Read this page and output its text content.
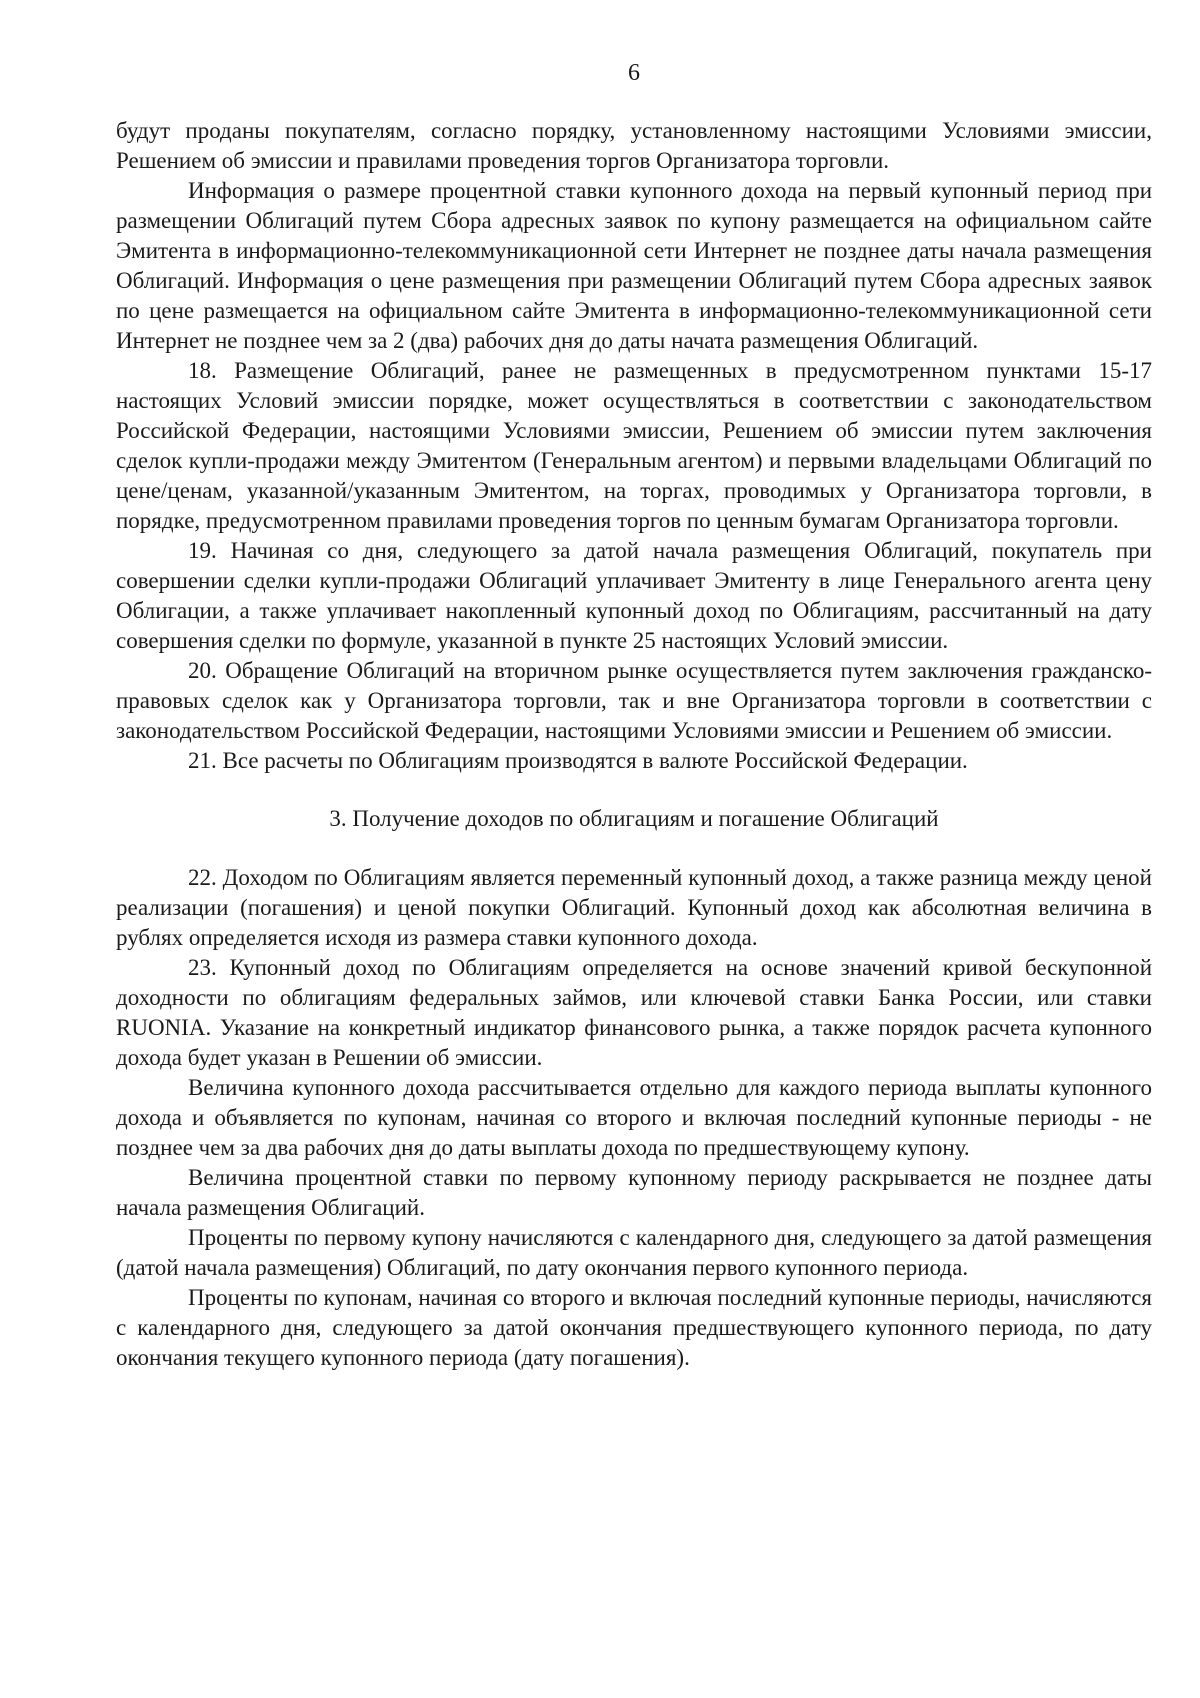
6

будут проданы покупателям, согласно порядку, установленному настоящими Условиями эмиссии, Решением об эмиссии и правилами проведения торгов Организатора торговли.

Информация о размере процентной ставки купонного дохода на первый купонный период при размещении Облигаций путем Сбора адресных заявок по купону размещается на официальном сайте Эмитента в информационно-телекоммуникационной сети Интернет не позднее даты начала размещения Облигаций. Информация о цене размещения при размещении Облигаций путем Сбора адресных заявок по цене размещается на официальном сайте Эмитента в информационно-телекоммуникационной сети Интернет не позднее чем за 2 (два) рабочих дня до даты начата размещения Облигаций.

18. Размещение Облигаций, ранее не размещенных в предусмотренном пунктами 15-17 настоящих Условий эмиссии порядке, может осуществляться в соответствии с законодательством Российской Федерации, настоящими Условиями эмиссии, Решением об эмиссии путем заключения сделок купли-продажи между Эмитентом (Генеральным агентом) и первыми владельцами Облигаций по цене/ценам, указанной/указанным Эмитентом, на торгах, проводимых у Организатора торговли, в порядке, предусмотренном правилами проведения торгов по ценным бумагам Организатора торговли.

19. Начиная со дня, следующего за датой начала размещения Облигаций, покупатель при совершении сделки купли-продажи Облигаций уплачивает Эмитенту в лице Генерального агента цену Облигации, а также уплачивает накопленный купонный доход по Облигациям, рассчитанный на дату совершения сделки по формуле, указанной в пункте 25 настоящих Условий эмиссии.

20. Обращение Облигаций на вторичном рынке осуществляется путем заключения гражданско-правовых сделок как у Организатора торговли, так и вне Организатора торговли в соответствии с законодательством Российской Федерации, настоящими Условиями эмиссии и Решением об эмиссии.

21. Все расчеты по Облигациям производятся в валюте Российской Федерации.

3. Получение доходов по облигациям и погашение Облигаций

22. Доходом по Облигациям является переменный купонный доход, а также разница между ценой реализации (погашения) и ценой покупки Облигаций. Купонный доход как абсолютная величина в рублях определяется исходя из размера ставки купонного дохода.

23. Купонный доход по Облигациям определяется на основе значений кривой бескупонной доходности по облигациям федеральных займов, или ключевой ставки Банка России, или ставки RUONIA. Указание на конкретный индикатор финансового рынка, а также порядок расчета купонного дохода будет указан в Решении об эмиссии.

Величина купонного дохода рассчитывается отдельно для каждого периода выплаты купонного дохода и объявляется по купонам, начиная со второго и включая последний купонные периоды - не позднее чем за два рабочих дня до даты выплаты дохода по предшествующему купону.

Величина процентной ставки по первому купонному периоду раскрывается не позднее даты начала размещения Облигаций.

Проценты по первому купону начисляются с календарного дня, следующего за датой размещения (датой начала размещения) Облигаций, по дату окончания первого купонного периода.

Проценты по купонам, начиная со второго и включая последний купонные периоды, начисляются с календарного дня, следующего за датой окончания предшествующего купонного периода, по дату окончания текущего купонного периода (дату погашения).
